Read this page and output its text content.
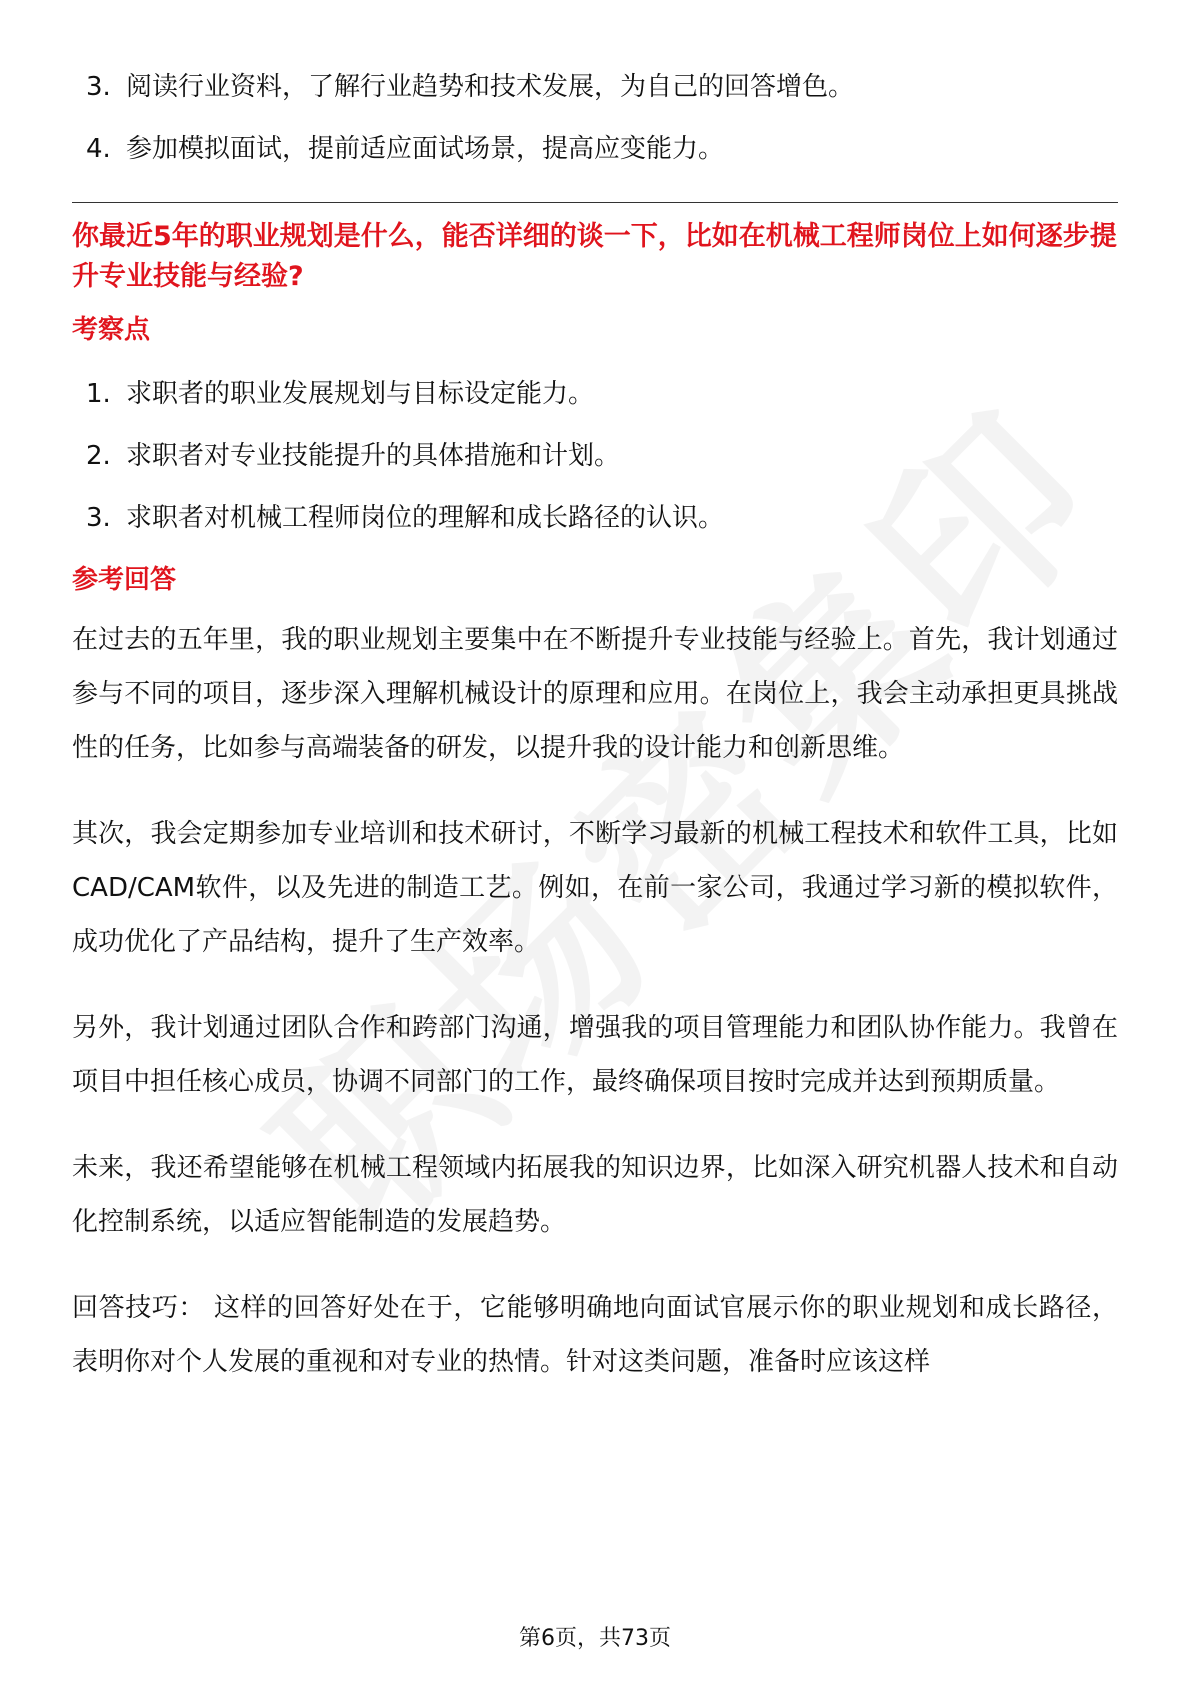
3. 阅读行业资料，了解行业趋势和技术发展，为自己的回答增色。
4. 参加模拟面试，提前适应面试场景，提高应变能力。

你最近5年的职业规划是什么，能否详细的谈一下，比如在机械工程师岗位上如何逐步提升专业技能与经验?

考察点
1. 求职者的职业发展规划与目标设定能力。
2. 求职者对专业技能提升的具体措施和计划。
3. 求职者对机械工程师岗位的理解和成长路径的认识。
参考回答

在过去的五年里，我的职业规划主要集中在不断提升专业技能与经验上。首先，我计划通过参与不同的项目，逐步深入理解机械设计的原理和应用。在岗位上，我会主动承担更具挑战性的任务，比如参与高端装备的研发，以提升我的设计能力和创新思维。

其次，我会定期参加专业培训和技术研讨，不断学习最新的机械工程技术和软件工具，比如CAD/CAM软件，以及先进的制造工艺。例如，在前一家公司，我通过学习新的模拟软件，成功优化了产品结构，提升了生产效率。

另外，我计划通过团队合作和跨部门沟通，增强我的项目管理能力和团队协作能力。我曾在项目中担任核心成员，协调不同部门的工作，最终确保项目按时完成并达到预期质量。

未来，我还希望能够在机械工程领域内拓展我的知识边界，比如深入研究机器人技术和自动化控制系统，以适应智能制造的发展趋势。

回答技巧： 这样的回答好处在于，它能够明确地向面试官展示你的职业规划和成长路径，表明你对个人发展的重视和对专业的热情。针对这类问题，准备时应该这样

第6页，共73页
